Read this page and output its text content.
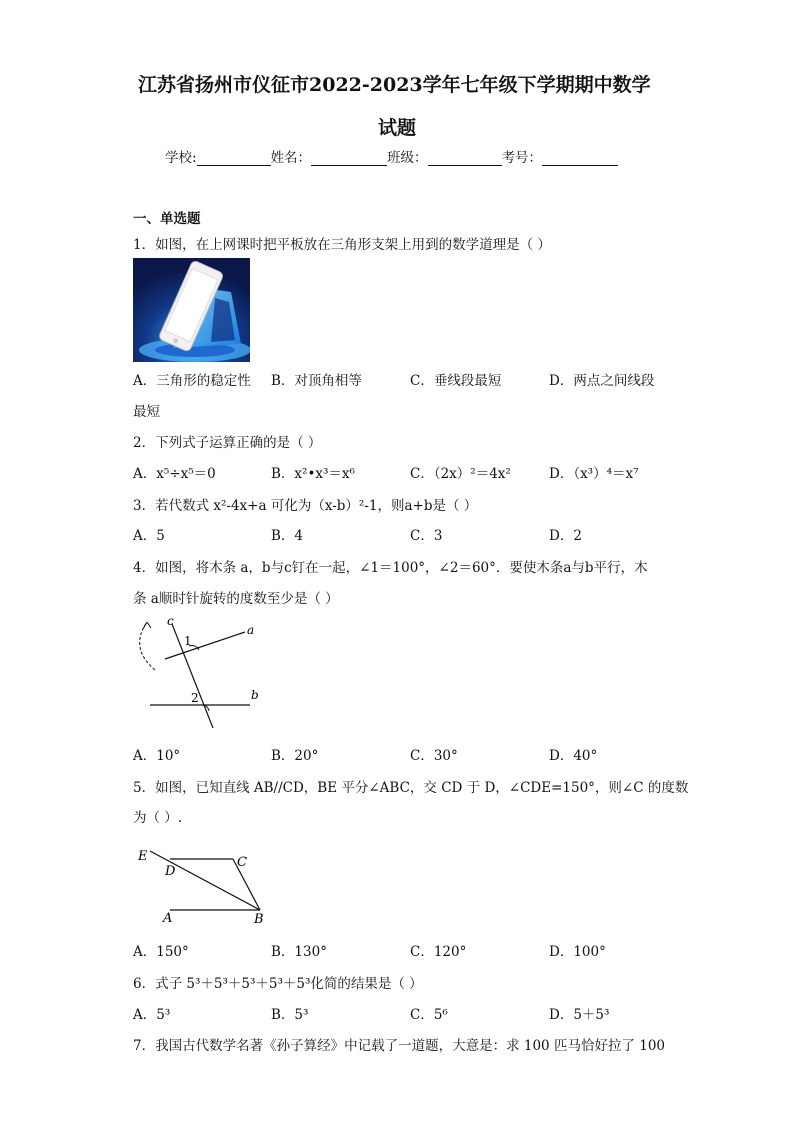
江苏省扬州市仪征市2022-2023学年七年级下学期期中数学
试题
学校:	姓名：	班级：	考号：
一、单选题
1．如图，在上网课时把平板放在三角形支架上用到的数学道理是（ ）
A．三角形的稳定性 B．对顶角相等	C．垂线段最短	D．两点之间线段
最短
2．下列式子运算正确的是（ ）
A．x⁵÷x⁵＝0	B．x²•x³＝x⁶	C．（2x）²＝4x²	D．（x³）⁴＝x⁷
3．若代数式 x²-4x+a 可化为（x-b）²-1，则a+b是（ ）
A．5	B．4	C．3	D．2
4．如图，将木条 a，b与c钉在一起，∠1＝100°，∠2＝60°．要使木条a与b平行，木
条 a顺时针旋转的度数至少是（ ）
c
a
b
1
2
A．10°	B．20°	C．30°	D．40°
5．如图，已知直线 AB//CD，BE 平分∠ABC，交 CD 于 D，∠CDE=150°，则∠C 的度数
为（ ）.
E
D
C
A	B
A．150°	B．130°	C．120°	D．100°
6．式子 5³＋5³＋5³＋5³＋5³化简的结果是（ ）
A．5³	B．5³	C．5⁶	D．5＋5³
7．我国古代数学名著《孙子算经》中记载了一道题，大意是：求 100 匹马恰好拉了 100
